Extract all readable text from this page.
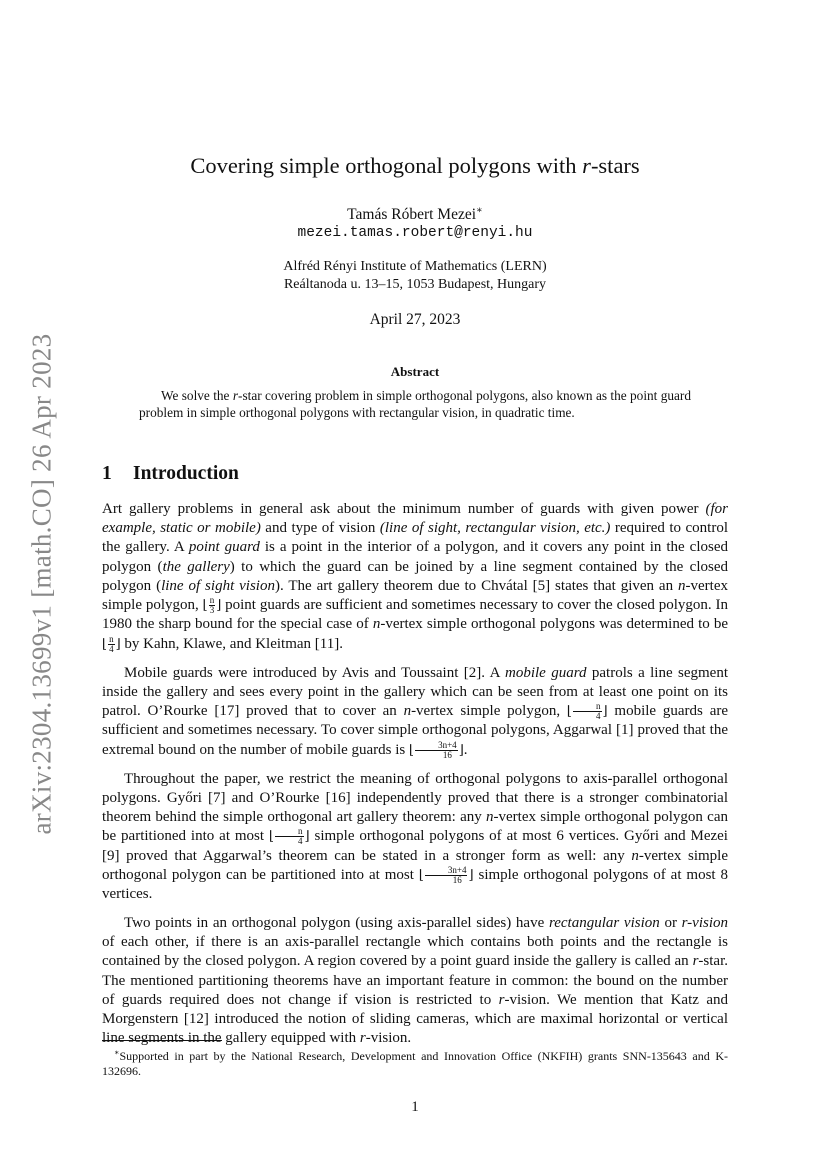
arXiv:2304.13699v1 [math.CO] 26 Apr 2023
Covering simple orthogonal polygons with r-stars
Tamás Róbert Mezei∗
mezei.tamas.robert@renyi.hu
Alfréd Rényi Institute of Mathematics (LERN)
Reáltanoda u. 13–15, 1053 Budapest, Hungary
April 27, 2023
Abstract
We solve the r-star covering problem in simple orthogonal polygons, also known as the point guard problem in simple orthogonal polygons with rectangular vision, in quadratic time.
1 Introduction

Art gallery problems in general ask about the minimum number of guards with given power (for example, static or mobile) and type of vision (line of sight, rectangular vision, etc.) required to control the gallery. A point guard is a point in the interior of a polygon, and it covers any point in the closed polygon (the gallery) to which the guard can be joined by a line segment contained by the closed polygon (line of sight vision). The art gallery theorem due to Chvátal [5] states that given an n-vertex simple polygon, ⌊ $\frac{n}{3}$ ⌋ point guards are sufficient and sometimes necessary to cover the closed polygon. In 1980 the sharp bound for the special case of n-vertex simple orthogonal polygons was determined to be ⌊ $\frac{n}{4}$ ⌋ by Kahn, Klawe, and Kleitman [11].

Mobile guards were introduced by Avis and Toussaint [2]. A mobile guard patrols a line segment inside the gallery and sees every point in the gallery which can be seen from at least one point on its patrol. O’Rourke [17] proved that to cover an n-vertex simple polygon, ⌊ $\frac{n}{4}$ ⌋ mobile guards are sufficient and sometimes necessary. To cover simple orthogonal polygons, Aggarwal [1] proved that the extremal bound on the number of mobile guards is ⌊ $\frac{3n+4}{16}$ ⌋.

Throughout the paper, we restrict the meaning of orthogonal polygons to axis-parallel orthogonal polygons. Győri [7] and O’Rourke [16] independently proved that there is a stronger combinatorial theorem behind the simple orthogonal art gallery theorem: any n-vertex simple orthogonal polygon can be partitioned into at most ⌊ $\frac{n}{4}$ ⌋ simple orthogonal polygons of at most 6 vertices. Győri and Mezei [9] proved that Aggarwal’s theorem can be stated in a stronger form as well: any n-vertex simple orthogonal polygon can be partitioned into at most ⌊ $\frac{3n+4}{16}$ ⌋ simple orthogonal polygons of at most 8 vertices.

Two points in an orthogonal polygon (using axis-parallel sides) have rectangular vision or r-vision of each other, if there is an axis-parallel rectangle which contains both points and the rectangle is contained by the closed polygon. A region covered by a point guard inside the gallery is called an r-star. The mentioned partitioning theorems have an important feature in common: the bound on the number of guards required does not change if vision is restricted to r-vision. We mention that Katz and Morgenstern [12] introduced the notion of sliding cameras, which are maximal horizontal or vertical line segments in the gallery equipped with r-vision.

∗Supported in part by the National Research, Development and Innovation Office (NKFIH) grants SNN-135643 and K-132696.
1
